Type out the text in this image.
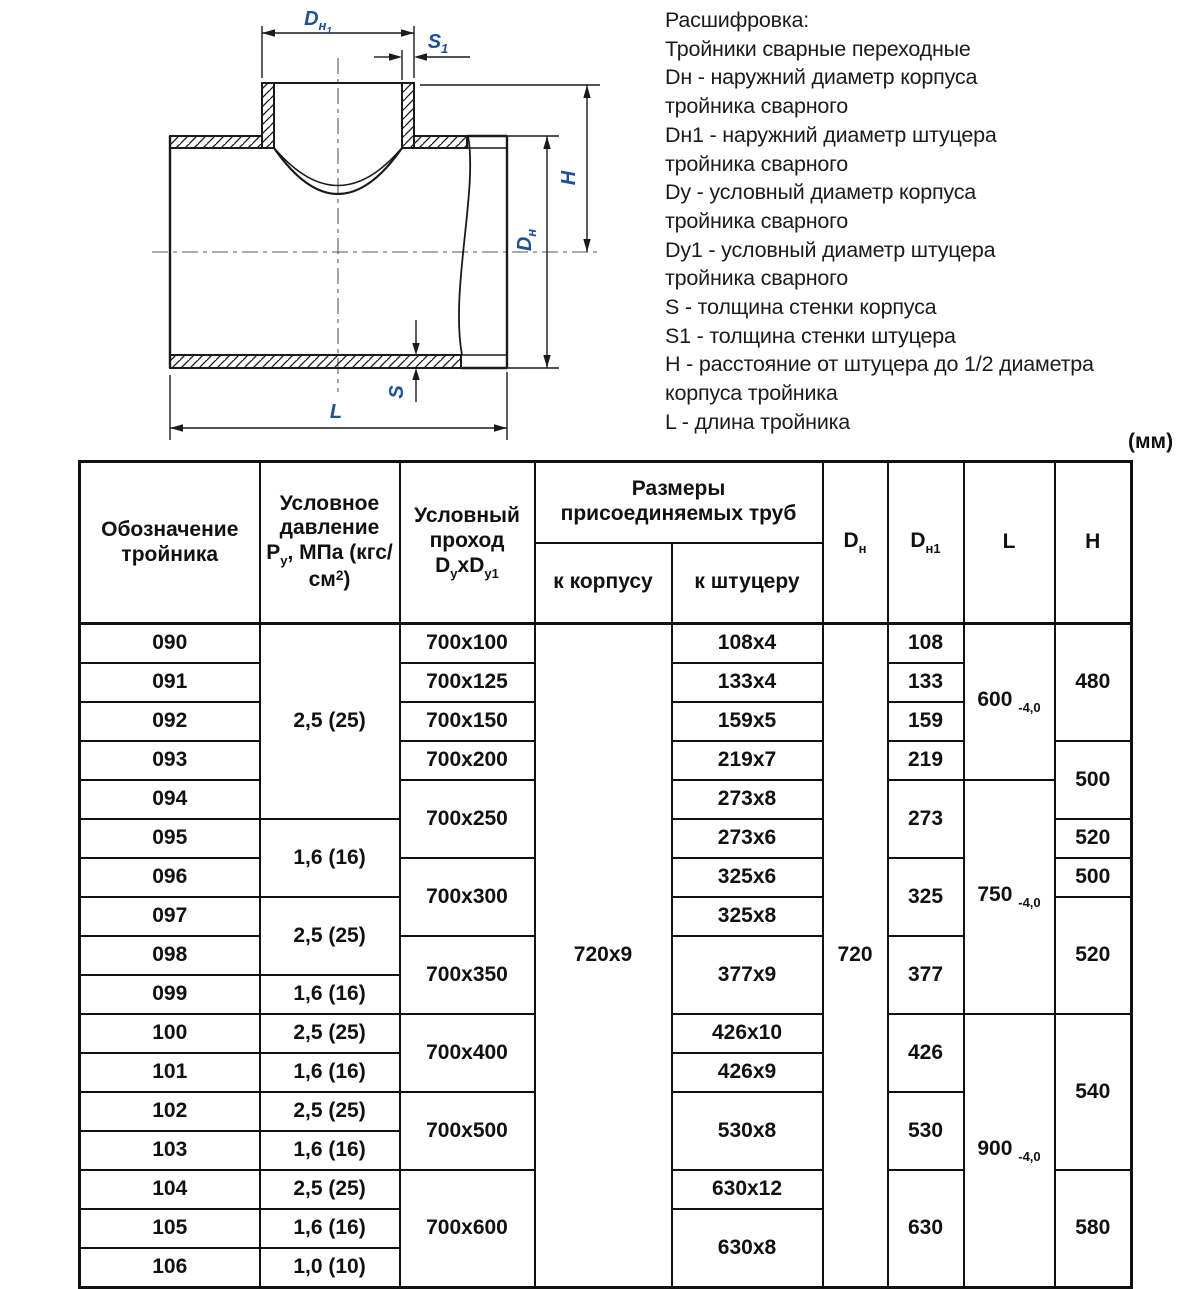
$D_{н1}$	$S_1$
H
$D_н$
S
L
Расшифровка:
Тройники сварные переходные
Dн - наружний диаметр корпуса
тройника сварного
Dн1 - наружний диаметр штуцера
тройника сварного
Dу - условный диаметр корпуса
тройника сварного
Dу1 - условный диаметр штуцера
тройника сварного
S - толщина стенки корпуса
S1 - толщина стенки штуцера
H - расстояние от штуцера до 1/2 диаметра
корпуса тройника
L - длина тройника
(мм)
Обозначение тройника	Условное давление $P_у$, МПа $(кгс/см^2)$	Условный проход $D_уxD_{у1}$	Размеры присоединяемых труб		$D_н$	$D_{н1}$	L	H
			к корпусу	к штуцеру				
090	2,5 (25)	700x100	720x9	108x4	720	108	600 $_{-4,0}$	480
091		700x125		133x4		133		
092		700x150		159x5		159		
093		700x200		219x7		219		500
094		700x250		273x8		273	750 $_{-4,0}$
095	1,6 (16)			273x6				520
096		700x300		325x6		325		500
097	2,5 (25)			325x8				520
098		700x350		377x9		377		
099	1,6 (16)							
100	2,5 (25)	700x400		426x10		426	900 $_{-4,0}$	540
101	1,6 (16)			426x9				
102	2,5 (25)	700x500		530x8		530		
103	1,6 (16)							
104	2,5 (25)	700x600		630x12		630		580
105	1,6 (16)			630x8				
106	1,0 (10)							
